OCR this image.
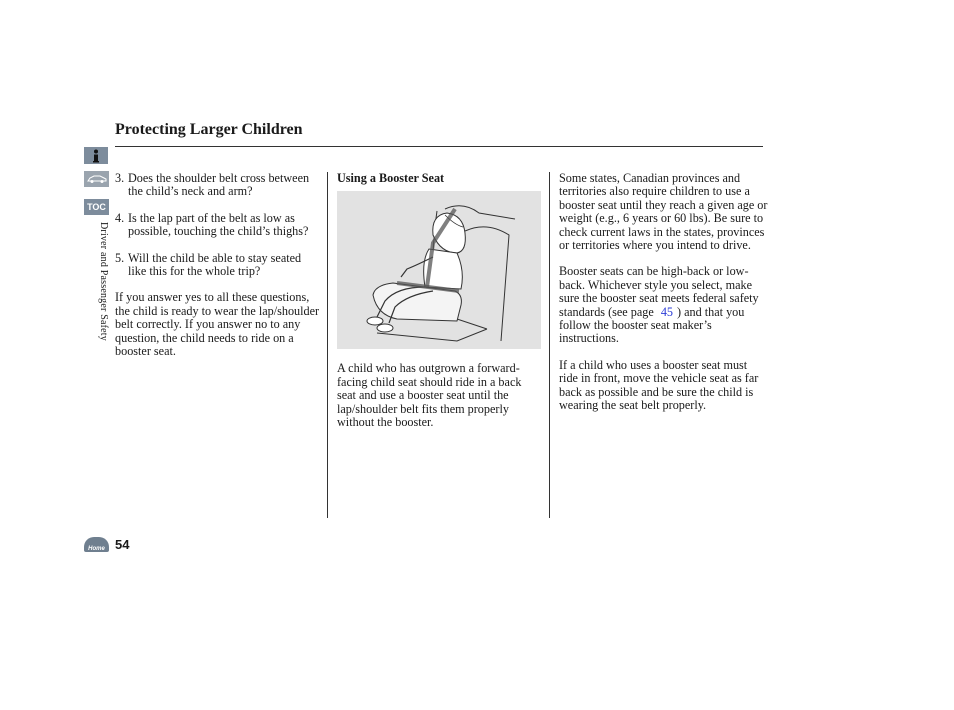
Protecting Larger Children
TOC
Driver and Passenger Safety
Home 54
3. Does the shoulder belt cross between the child’s neck and arm?
4. Is the lap part of the belt as low as possible, touching the child’s thighs?
5. Will the child be able to stay seated like this for the whole trip?

If you answer yes to all these questions, the child is ready to wear the lap/shoulder belt correctly. If you answer no to any question, the child needs to ride on a booster seat.

Using a Booster Seat

A child who has outgrown a forward-facing child seat should ride in a back seat and use a booster seat until the lap/shoulder belt fits them properly without the booster.

Some states, Canadian provinces and territories also require children to use a booster seat until they reach a given age or weight (e.g., 6 years or 60 lbs). Be sure to check current laws in the states, provinces or territories where you intend to drive.

Booster seats can be high-back or low-back. Whichever style you select, make sure the booster seat meets federal safety standards (see page 45 ) and that you follow the booster seat maker’s instructions.

If a child who uses a booster seat must ride in front, move the vehicle seat as far back as possible and be sure the child is wearing the seat belt properly.
